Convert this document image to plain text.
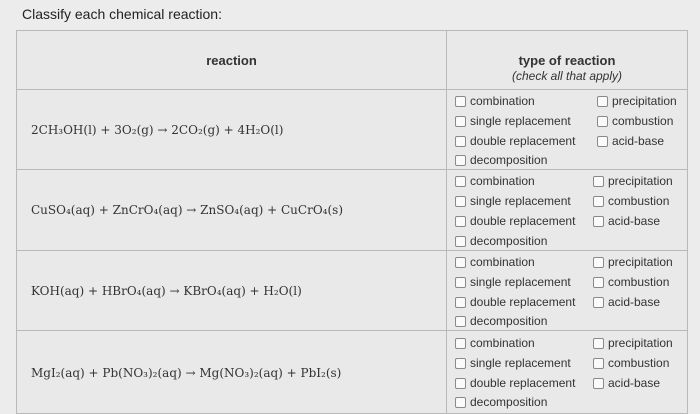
Classify each chemical reaction:
reaction	type of reaction
(check all that apply)
2CH₃OH(l) + 3O₂(g) → 2CO₂(g) + 4H₂O(l)
combination
single replacement
double replacement
decomposition
precipitation
combustion
acid-base
CuSO₄(aq) + ZnCrO₄(aq) → ZnSO₄(aq) + CuCrO₄(s)
combination
single replacement
double replacement
decomposition
precipitation
combustion
acid-base
KOH(aq) + HBrO₄(aq) → KBrO₄(aq) + H₂O(l)
combination
single replacement
double replacement
decomposition
precipitation
combustion
acid-base
MgI₂(aq) + Pb(NO₃)₂(aq) → Mg(NO₃)₂(aq) + PbI₂(s)
combination
single replacement
double replacement
decomposition
precipitation
combustion
acid-base
